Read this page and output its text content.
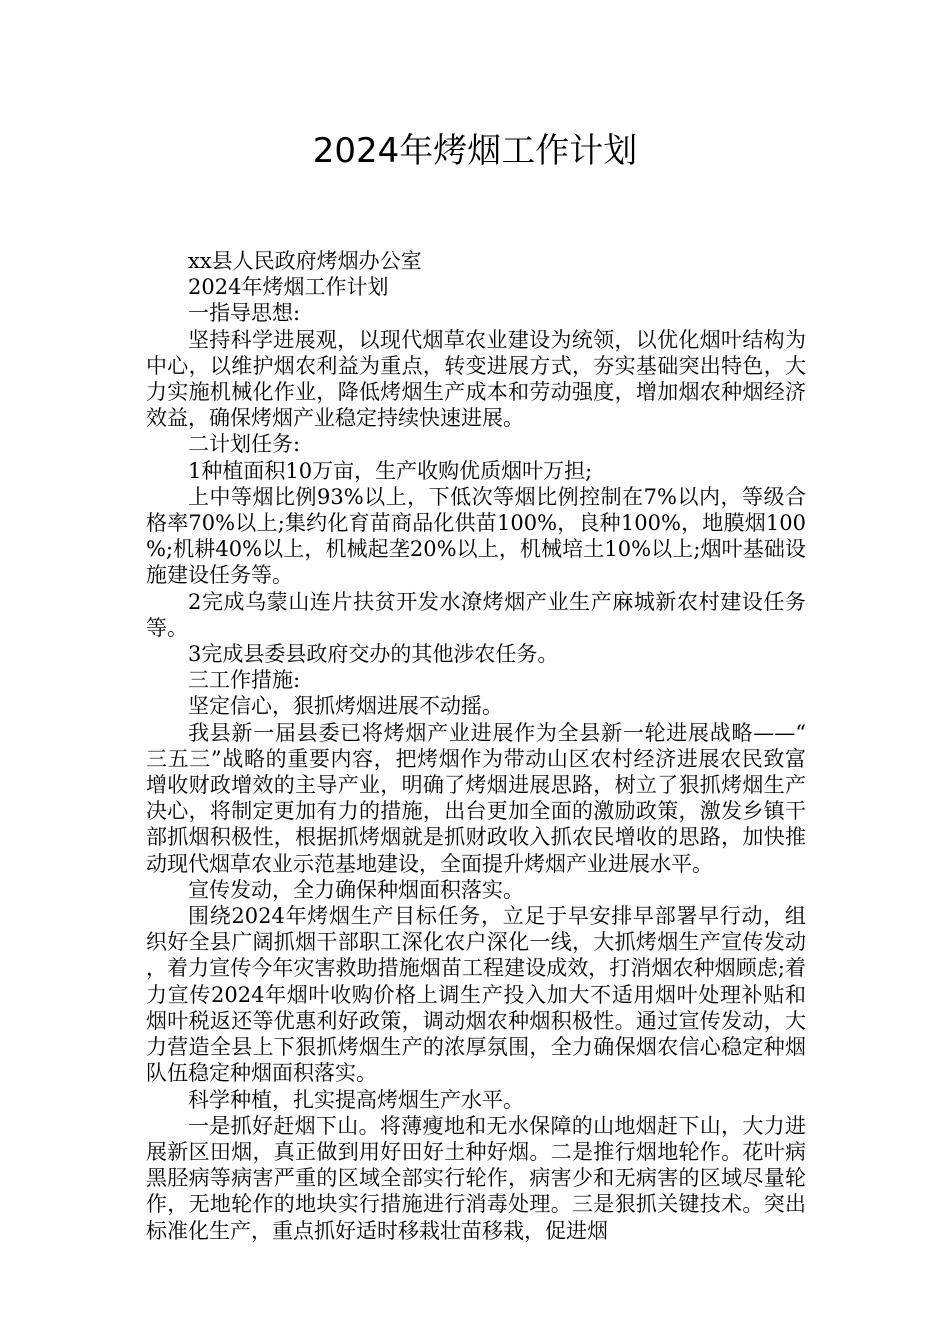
2024年烤烟工作计划

xx县人民政府烤烟办公室

2024年烤烟工作计划

一指导思想:

坚持科学进展观，以现代烟草农业建设为统领，以优化烟叶结构为中心，以维护烟农利益为重点，转变进展方式，夯实基础突出特色，大力实施机械化作业，降低烤烟生产成本和劳动强度，增加烟农种烟经济效益，确保烤烟产业稳定持续快速进展。

二计划任务:

1种植面积10万亩，生产收购优质烟叶万担;

上中等烟比例93%以上，下低次等烟比例控制在7%以内，等级合格率70%以上;集约化育苗商品化供苗100%，良种100%，地膜烟100%;机耕40%以上，机械起垄20%以上，机械培土10%以上;烟叶基础设施建设任务等。

2完成乌蒙山连片扶贫开发水潦烤烟产业生产麻城新农村建设任务等。

3完成县委县政府交办的其他涉农任务。

三工作措施:

坚定信心，狠抓烤烟进展不动摇。

我县新一届县委已将烤烟产业进展作为全县新一轮进展战略——“三五三”战略的重要内容，把烤烟作为带动山区农村经济进展农民致富增收财政增效的主导产业，明确了烤烟进展思路，树立了狠抓烤烟生产决心，将制定更加有力的措施，出台更加全面的激励政策，激发乡镇干部抓烟积极性，根据抓烤烟就是抓财政收入抓农民增收的思路，加快推动现代烟草农业示范基地建设，全面提升烤烟产业进展水平。

宣传发动，全力确保种烟面积落实。

围绕2024年烤烟生产目标任务，立足于早安排早部署早行动，组织好全县广阔抓烟干部职工深化农户深化一线，大抓烤烟生产宣传发动，着力宣传今年灾害救助措施烟苗工程建设成效，打消烟农种烟顾虑;着力宣传2024年烟叶收购价格上调生产投入加大不适用烟叶处理补贴和烟叶税返还等优惠利好政策，调动烟农种烟积极性。通过宣传发动，大力营造全县上下狠抓烤烟生产的浓厚氛围，全力确保烟农信心稳定种烟队伍稳定种烟面积落实。

科学种植，扎实提高烤烟生产水平。

一是抓好赶烟下山。将薄瘦地和无水保障的山地烟赶下山，大力进展新区田烟，真正做到用好田好土种好烟。二是推行烟地轮作。花叶病黑胫病等病害严重的区域全部实行轮作，病害少和无病害的区域尽量轮作，无地轮作的地块实行措施进行消毒处理。三是狠抓关键技术。突出标准化生产，重点抓好适时移栽壮苗移栽，促进烟
